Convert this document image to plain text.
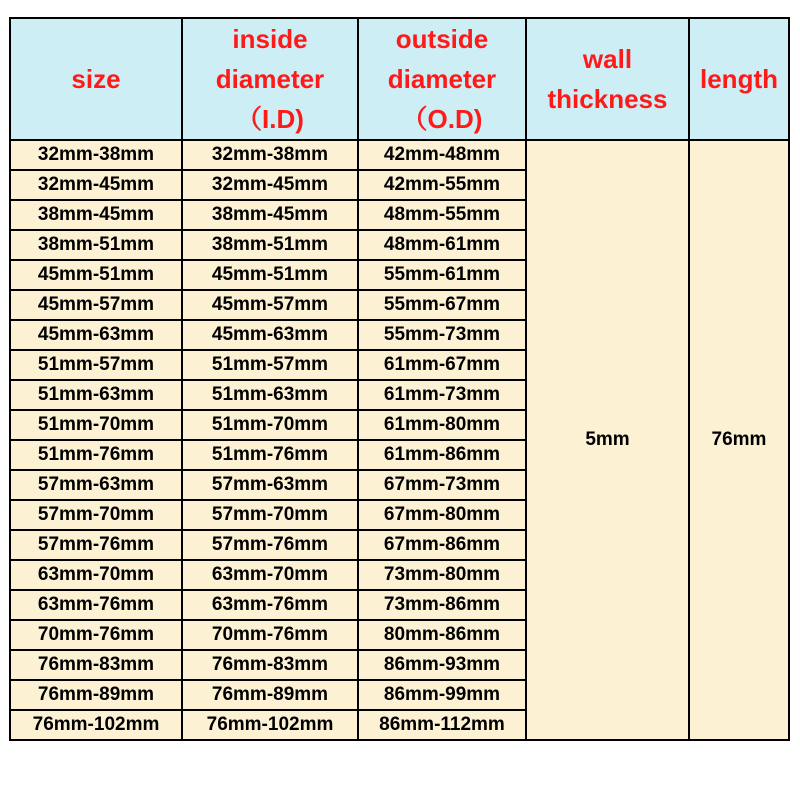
size	inside
diameter
（I.D)	outside
diameter
（O.D)	wall
thickness	length

32mm-38mm	32mm-38mm	42mm-48mm	5mm	76mm
32mm-45mm	32mm-45mm	42mm-55mm		
38mm-45mm	38mm-45mm	48mm-55mm		
38mm-51mm	38mm-51mm	48mm-61mm		
45mm-51mm	45mm-51mm	55mm-61mm		
45mm-57mm	45mm-57mm	55mm-67mm		
45mm-63mm	45mm-63mm	55mm-73mm		
51mm-57mm	51mm-57mm	61mm-67mm		
51mm-63mm	51mm-63mm	61mm-73mm		
51mm-70mm	51mm-70mm	61mm-80mm		
51mm-76mm	51mm-76mm	61mm-86mm		
57mm-63mm	57mm-63mm	67mm-73mm		
57mm-70mm	57mm-70mm	67mm-80mm		
57mm-76mm	57mm-76mm	67mm-86mm		
63mm-70mm	63mm-70mm	73mm-80mm		
63mm-76mm	63mm-76mm	73mm-86mm		
70mm-76mm	70mm-76mm	80mm-86mm		
76mm-83mm	76mm-83mm	86mm-93mm		
76mm-89mm	76mm-89mm	86mm-99mm		
76mm-102mm	76mm-102mm	86mm-112mm		
